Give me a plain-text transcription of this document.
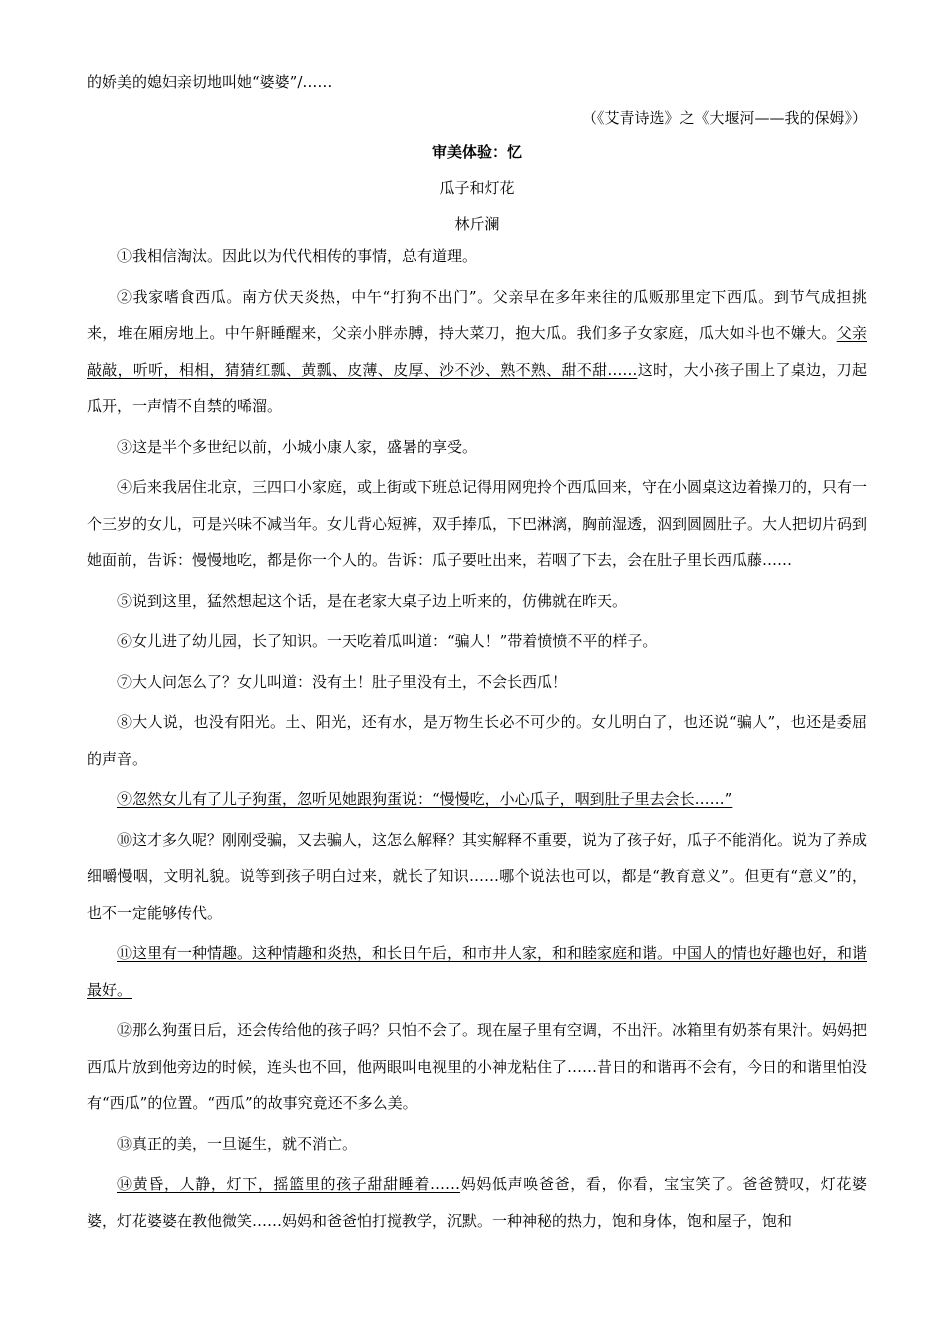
的娇美的媳妇亲切地叫她“婆婆”/……
（《艾青诗选》之《大堰河——我的保姆》）
审美体验：忆
瓜子和灯花
林斤澜

①我相信淘汰。因此以为代代相传的事情，总有道理。

②我家嗜食西瓜。南方伏天炎热，中午“打狗不出门”。父亲早在多年来往的瓜贩那里定下西瓜。到节气成担挑来，堆在厢房地上。中午鼾睡醒来，父亲小胖赤膊，持大菜刀，抱大瓜。我们多子女家庭，瓜大如斗也不嫌大。父亲敲敲，听听，相相，猜猜红瓢、黄瓢、皮薄、皮厚、沙不沙、熟不熟、甜不甜……这时，大小孩子围上了桌边，刀起瓜开，一声情不自禁的唏溜。

③这是半个多世纪以前，小城小康人家，盛暑的享受。

④后来我居住北京，三四口小家庭，或上街或下班总记得用网兜拎个西瓜回来，守在小圆桌这边着操刀的，只有一个三岁的女儿，可是兴味不减当年。女儿背心短裤，双手捧瓜，下巴淋漓，胸前湿透，泅到圆圆肚子。大人把切片码到她面前，告诉：慢慢地吃，都是你一个人的。告诉：瓜子要吐出来，若咽了下去，会在肚子里长西瓜藤……

⑤说到这里，猛然想起这个话，是在老家大桌子边上听来的，仿佛就在昨天。

⑥女儿进了幼儿园，长了知识。一天吃着瓜叫道：“骗人！”带着愤愤不平的样子。

⑦大人问怎么了？女儿叫道：没有土！肚子里没有土，不会长西瓜！

⑧大人说，也没有阳光。土、阳光，还有水，是万物生长必不可少的。女儿明白了，也还说“骗人”，也还是委屈的声音。

⑨忽然女儿有了儿子狗蛋，忽听见她跟狗蛋说：“慢慢吃，小心瓜子，咽到肚子里去会长……”

⑩这才多久呢？刚刚受骗，又去骗人，这怎么解释？其实解释不重要，说为了孩子好，瓜子不能消化。说为了养成细嚼慢咽，文明礼貌。说等到孩子明白过来，就长了知识……哪个说法也可以，都是“教育意义”。但更有“意义”的，也不一定能够传代。

⑪这里有一种情趣。这种情趣和炎热，和长日午后，和市井人家，和和睦家庭和谐。中国人的情也好趣也好，和谐最好。

⑫那么狗蛋日后，还会传给他的孩子吗？只怕不会了。现在屋子里有空调，不出汗。冰箱里有奶茶有果汁。妈妈把西瓜片放到他旁边的时候，连头也不回，他两眼叫电视里的小神龙粘住了……昔日的和谐再不会有，今日的和谐里怕没有“西瓜”的位置。“西瓜”的故事究竟还不多么美。

⑬真正的美，一旦诞生，就不消亡。

⑭黄昏，人静，灯下，摇篮里的孩子甜甜睡着……妈妈低声唤爸爸，看，你看，宝宝笑了。爸爸赞叹，灯花婆婆，灯花婆婆在教他微笑……妈妈和爸爸怕打搅教学，沉默。一种神秘的热力，饱和身体，饱和屋子，饱和
